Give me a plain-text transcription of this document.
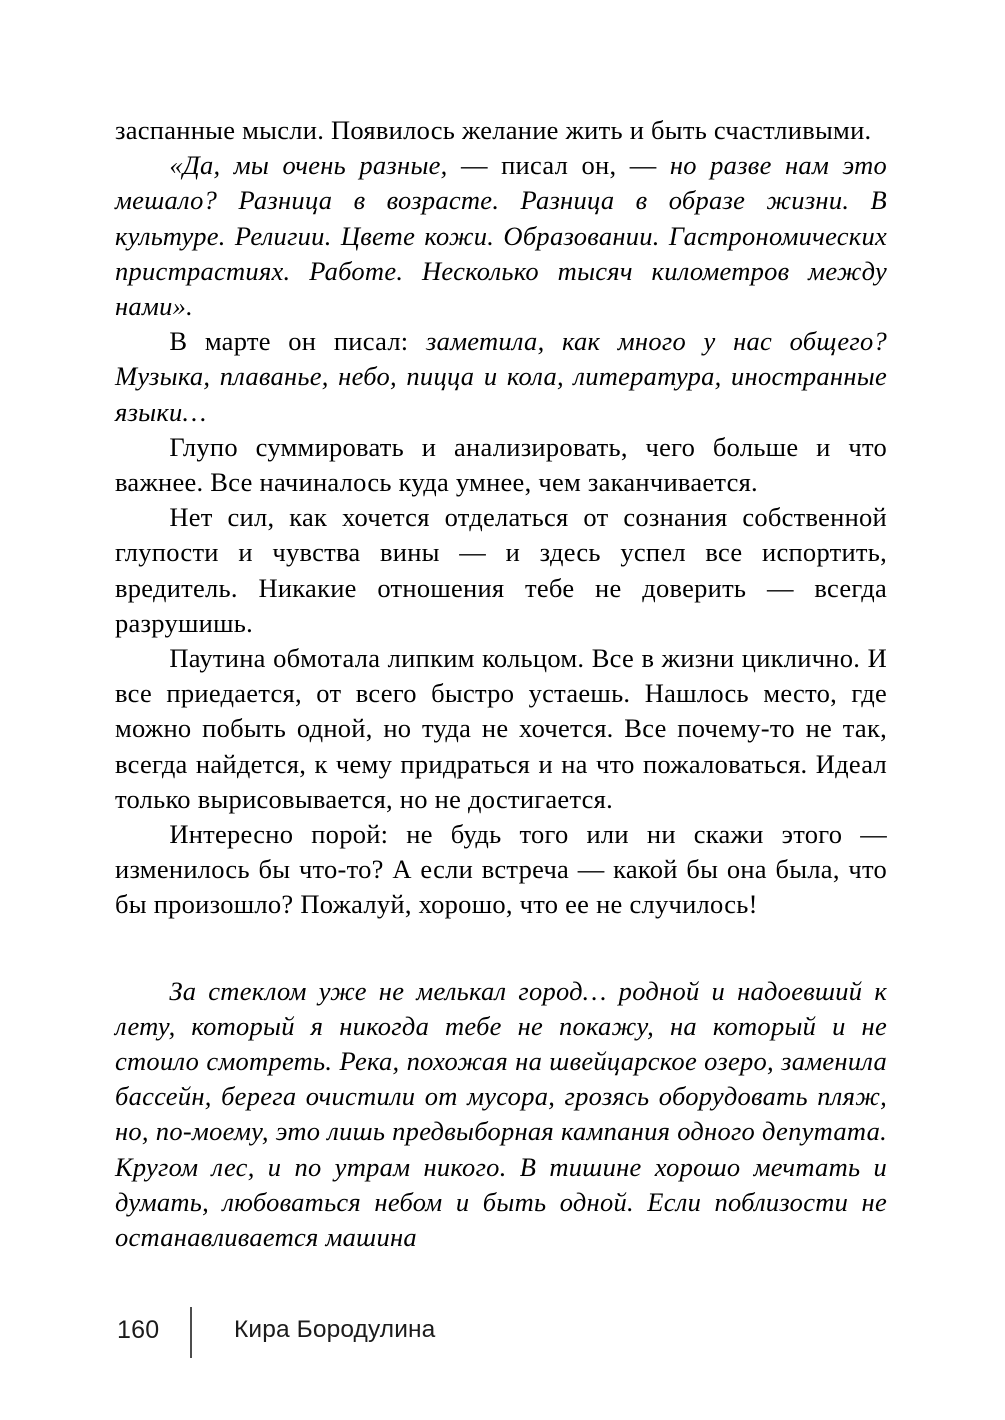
заспанные мысли. Появилось желание жить и быть счастливыми.

«Да, мы очень разные, — писал он, — но разве нам это мешало? Разница в возрасте. Разница в образе жизни. В культуре. Религии. Цвете кожи. Образовании. Гастрономических пристрастиях. Работе. Несколько тысяч километров между нами».

В марте он писал: заметила, как много у нас общего? Музыка, плаванье, небо, пицца и кола, литература, иностранные языки…

Глупо суммировать и анализировать, чего больше и что важнее. Все начиналось куда умнее, чем заканчивается.

Нет сил, как хочется отделаться от сознания собственной глупости и чувства вины — и здесь успел все испортить, вредитель. Никакие отношения тебе не доверить — всегда разрушишь.

Паутина обмотала липким кольцом. Все в жизни циклично. И все приедается, от всего быстро устаешь. Нашлось место, где можно побыть одной, но туда не хочется. Все почему-то не так, всегда найдется, к чему придраться и на что пожаловаться. Идеал только вырисовывается, но не достигается.

Интересно порой: не будь того или ни скажи этого — изменилось бы что-то? А если встреча — какой бы она была, что бы произошло? Пожалуй, хорошо, что ее не случилось!

За стеклом уже не мелькал город… родной и надоевший к лету, который я никогда тебе не покажу, на который и не стоило смотреть. Река, похожая на швейцарское озеро, заменила бассейн, берега очистили от мусора, грозясь оборудовать пляж, но, по-моему, это лишь предвыборная кампания одного депутата. Кругом лес, и по утрам никого. В тишине хорошо мечтать и думать, любоваться небом и быть одной. Если поблизости не останавливается машина

160	Кира Бородулина
